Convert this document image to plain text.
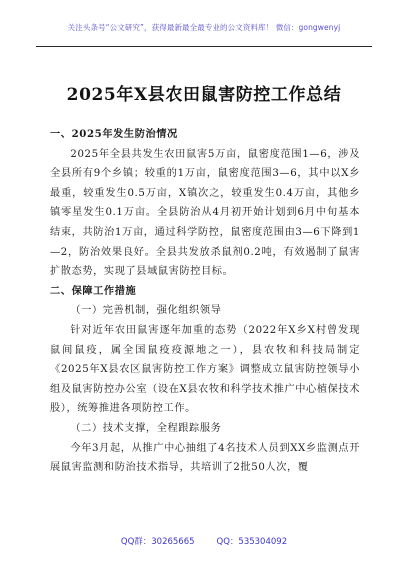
关注头条号“公文研究”，获得最新最全最专业的公文资料库！ 微信：gongwenyj
2025年X县农田鼠害防控工作总结

一、2025年发生防治情况

2025年全县共发生农田鼠害5万亩，鼠密度范围1—6，涉及全县所有9个乡镇；较重的1万亩，鼠密度范围3—6，其中以X乡最重，较重发生0.5万亩，X镇次之，较重发生0.4万亩，其他乡镇零星发生0.1万亩。全县防治从4月初开始计划到6月中旬基本结束，共防治1万亩，通过科学防控，鼠密度范围由3—6下降到1—2，防治效果良好。全县共发放杀鼠剂0.2吨，有效遏制了鼠害扩散态势，实现了县域鼠害防控目标。

二、保障工作措施

（一）完善机制，强化组织领导

针对近年农田鼠害逐年加重的态势（2022年X乡X村曾发现鼠间鼠疫，属全国鼠疫疫源地之一），县农牧和科技局制定《2025年X县农区鼠害防控工作方案》调整成立鼠害防控领导小组及鼠害防控办公室（设在X县农牧和科学技术推广中心植保技术股），统筹推进各项防控工作。

（二）技术支撑，全程跟踪服务

今年3月起，从推广中心抽组了4名技术人员到XX乡监测点开展鼠害监测和防治技术指导，共培训了2批50人次，覆

QQ群：30265665	QQ：535304092
